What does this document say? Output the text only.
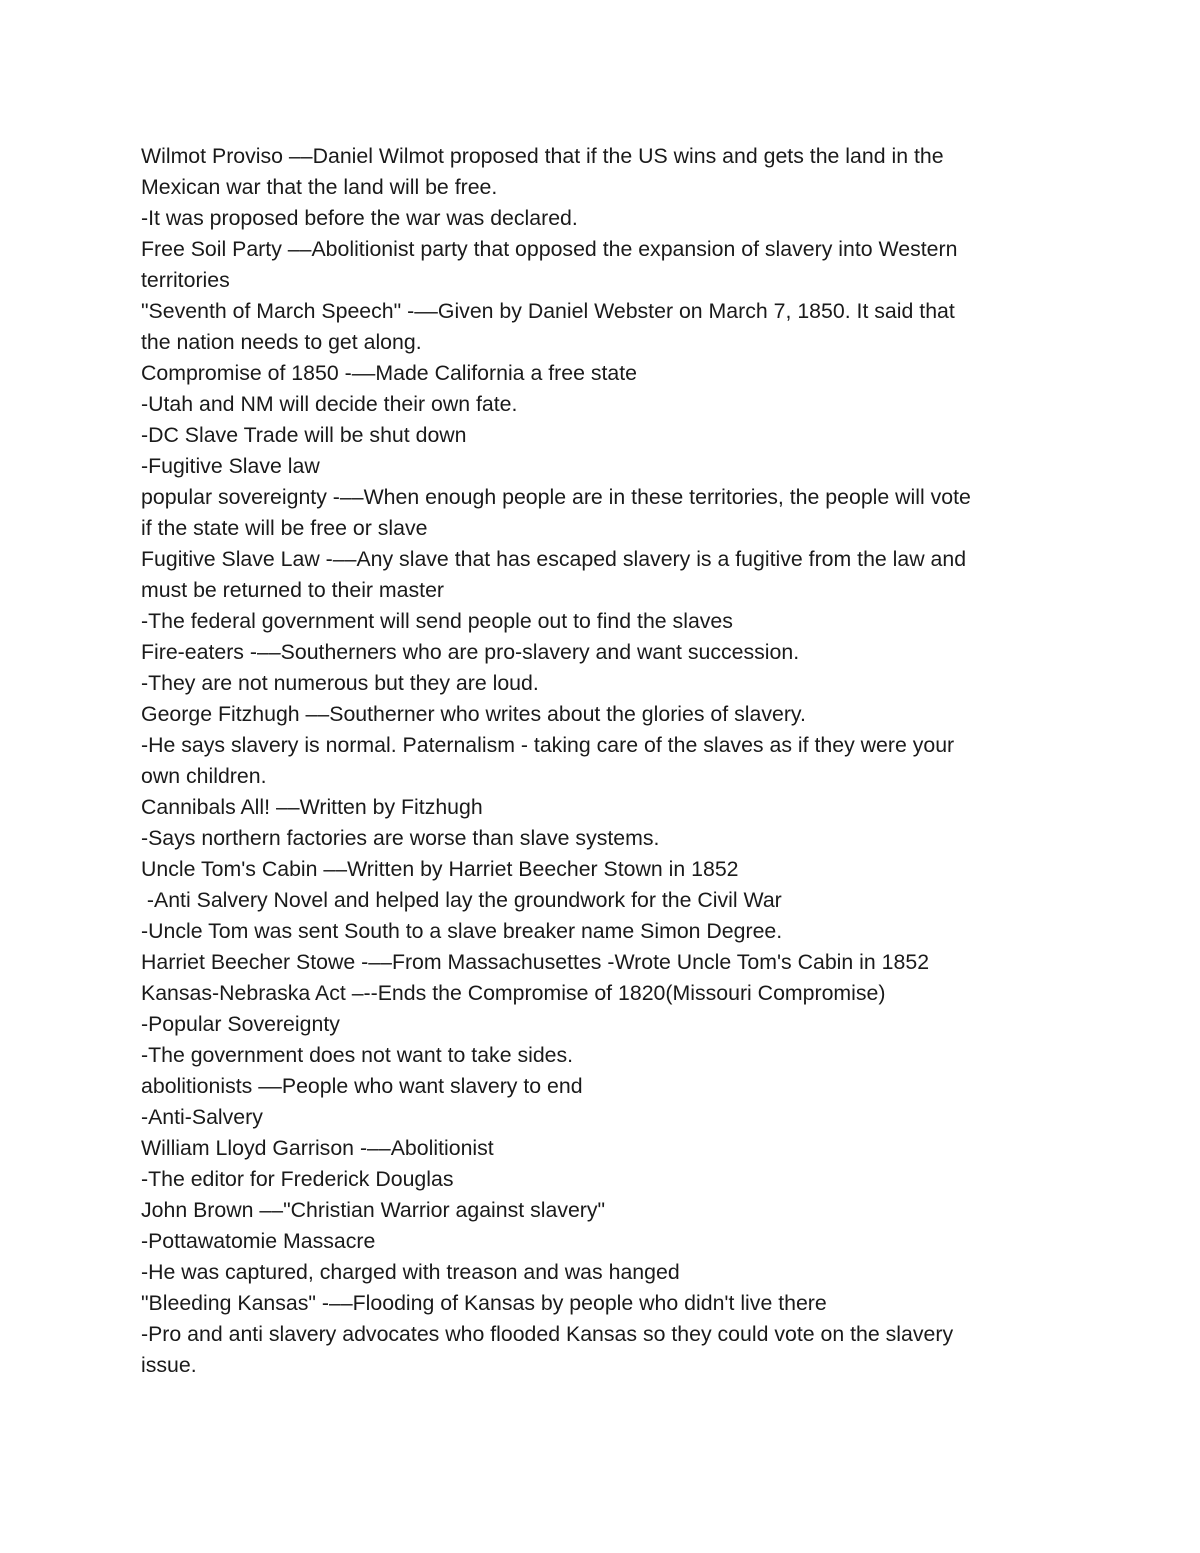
Wilmot Proviso ––Daniel Wilmot proposed that if the US wins and gets the land in the
Mexican war that the land will be free.
-It was proposed before the war was declared.
Free Soil Party ––Abolitionist party that opposed the expansion of slavery into Western
territories
"Seventh of March Speech" -––Given by Daniel Webster on March 7, 1850. It said that
the nation needs to get along.
Compromise of 1850 -––Made California a free state
-Utah and NM will decide their own fate.
-DC Slave Trade will be shut down
-Fugitive Slave law
popular sovereignty -––When enough people are in these territories, the people will vote
if the state will be free or slave
Fugitive Slave Law -––Any slave that has escaped slavery is a fugitive from the law and
must be returned to their master
-The federal government will send people out to find the slaves
Fire-eaters -––Southerners who are pro-slavery and want succession.
-They are not numerous but they are loud.
George Fitzhugh ––Southerner who writes about the glories of slavery.
-He says slavery is normal. Paternalism - taking care of the slaves as if they were your
own children.
Cannibals All! ––Written by Fitzhugh
-Says northern factories are worse than slave systems.
Uncle Tom's Cabin ––Written by Harriet Beecher Stown in 1852
-Anti Salvery Novel and helped lay the groundwork for the Civil War
-Uncle Tom was sent South to a slave breaker name Simon Degree.
Harriet Beecher Stowe -––From Massachusettes -Wrote Uncle Tom's Cabin in 1852
Kansas-Nebraska Act –--Ends the Compromise of 1820(Missouri Compromise)
-Popular Sovereignty
-The government does not want to take sides.
abolitionists ––People who want slavery to end
-Anti-Salvery
William Lloyd Garrison -––Abolitionist
-The editor for Frederick Douglas
John Brown ––"Christian Warrior against slavery"
-Pottawatomie Massacre
-He was captured, charged with treason and was hanged
"Bleeding Kansas" -––Flooding of Kansas by people who didn't live there
-Pro and anti slavery advocates who flooded Kansas so they could vote on the slavery
issue.
